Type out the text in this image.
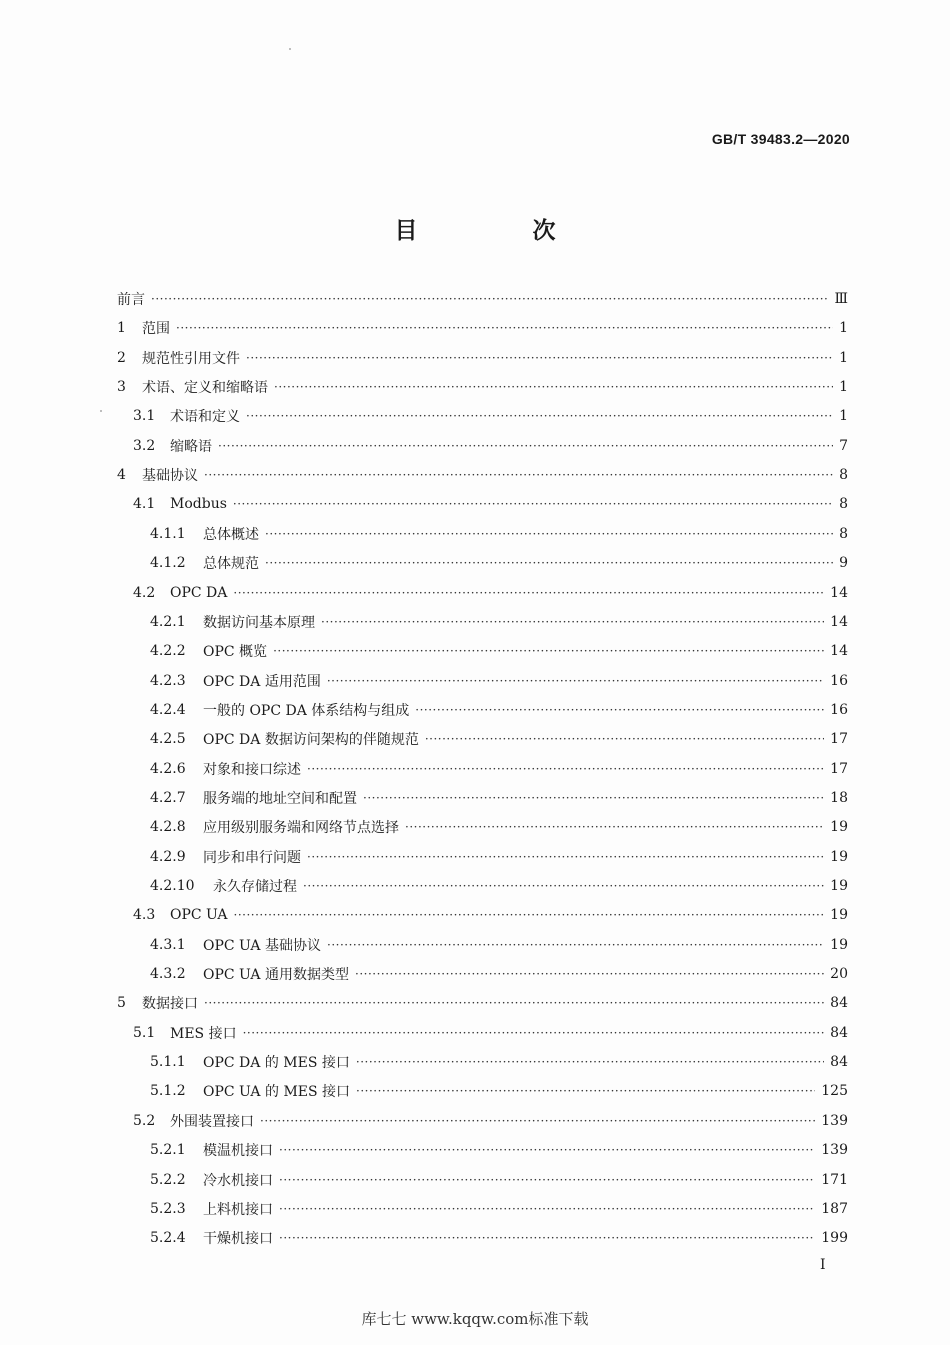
GB/T 39483.2—2020
目　次
前言 ·····	Ⅲ
1	范围 ·····	1
2	规范性引用文件 ·····	1
3	术语、定义和缩略语 ·····	1
3.1	术语和定义 ·····	1
3.2	缩略语 ·····	7
4	基础协议 ·····	8
4.1	Modbus ·····	8
4.1.1	总体概述 ·····	8
4.1.2	总体规范 ·····	9
4.2	OPC DA ·····	14
4.2.1	数据访问基本原理 ·····	14
4.2.2	OPC 概览 ·····	14
4.2.3	OPC DA 适用范围 ·····	16
4.2.4	一般的 OPC DA 体系结构与组成 ·····	16
4.2.5	OPC DA 数据访问架构的伴随规范 ·····	17
4.2.6	对象和接口综述 ·····	17
4.2.7	服务端的地址空间和配置 ·····	18
4.2.8	应用级别服务端和网络节点选择 ·····	19
4.2.9	同步和串行问题 ·····	19
4.2.10	永久存储过程 ·····	19
4.3	OPC UA ·····	19
4.3.1	OPC UA 基础协议 ·····	19
4.3.2	OPC UA 通用数据类型 ·····	20
5	数据接口 ·····	84
5.1	MES 接口 ·····	84
5.1.1	OPC DA 的 MES 接口 ·····	84
5.1.2	OPC UA 的 MES 接口 ·····	125
5.2	外围装置接口 ·····	139
5.2.1	模温机接口 ·····	139
5.2.2	冷水机接口 ·····	171
5.2.3	上料机接口 ·····	187
5.2.4	干燥机接口 ·····	199
I
库七七 www.kqqw.com标准下载
